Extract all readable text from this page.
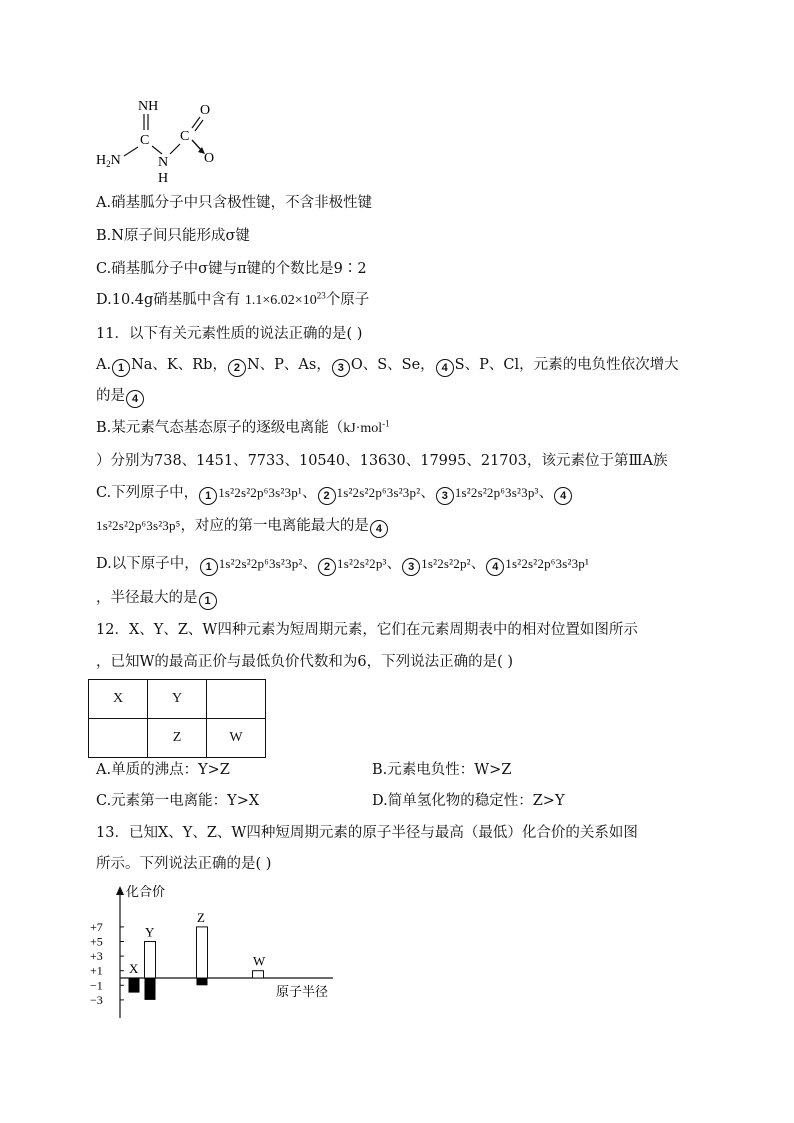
NH
C
N
H
C
O
O
$H_2N$
A.硝基胍分子中只含极性键，不含非极性键
B.N原子间只能形成σ键
C.硝基胍分子中σ键与π键的个数比是9∶2
D.10.4g硝基胍中含有 $1.1\times 6.02\times 10^{23}$个原子
11．以下有关元素性质的说法正确的是( )
A. 1 Na、K、Rb， 2 N、P、As， 3 O、S、Se， 4 S、P、Cl，元素的电负性依次增大
的是 4
B.某元素气态基态原子的逐级电离能（kJ·mol$^{-1}$
）分别为738、1451、7733、10540、13630、17995、21703，该元素位于第ⅢA族
C.下列原子中， 1 1s²2s²2p⁶3s²3p¹、 2 1s²2s²2p⁶3s²3p²、 3 1s²2s²2p⁶3s²3p³、 4
1s²2s²2p⁶3s²3p⁵，对应的第一电离能最大的是 4
D.以下原子中， 1 1s²2s²2p⁶3s²3p²、 2 1s²2s²2p³、 3 1s²2s²2p²、 4 1s²2s²2p⁶3s²3p¹
，半径最大的是 1
12．X、Y、Z、W四种元素为短周期元素，它们在元素周期表中的相对位置如图所示
，已知W的最高正价与最低负价代数和为6，下列说法正确的是( )
X	Y	
	Z	W
A.单质的沸点：Y>Z	B.元素电负性：W>Z
C.元素第一电离能：Y>X	D.简单氢化物的稳定性：Z>Y
13．已知X、Y、Z、W四种短周期元素的原子半径与最高（最低）化合价的关系如图
所示。下列说法正确的是( )
化合价
原子半径
+7
+5
+3
+1
−1
−3
X
Y
Z
W
